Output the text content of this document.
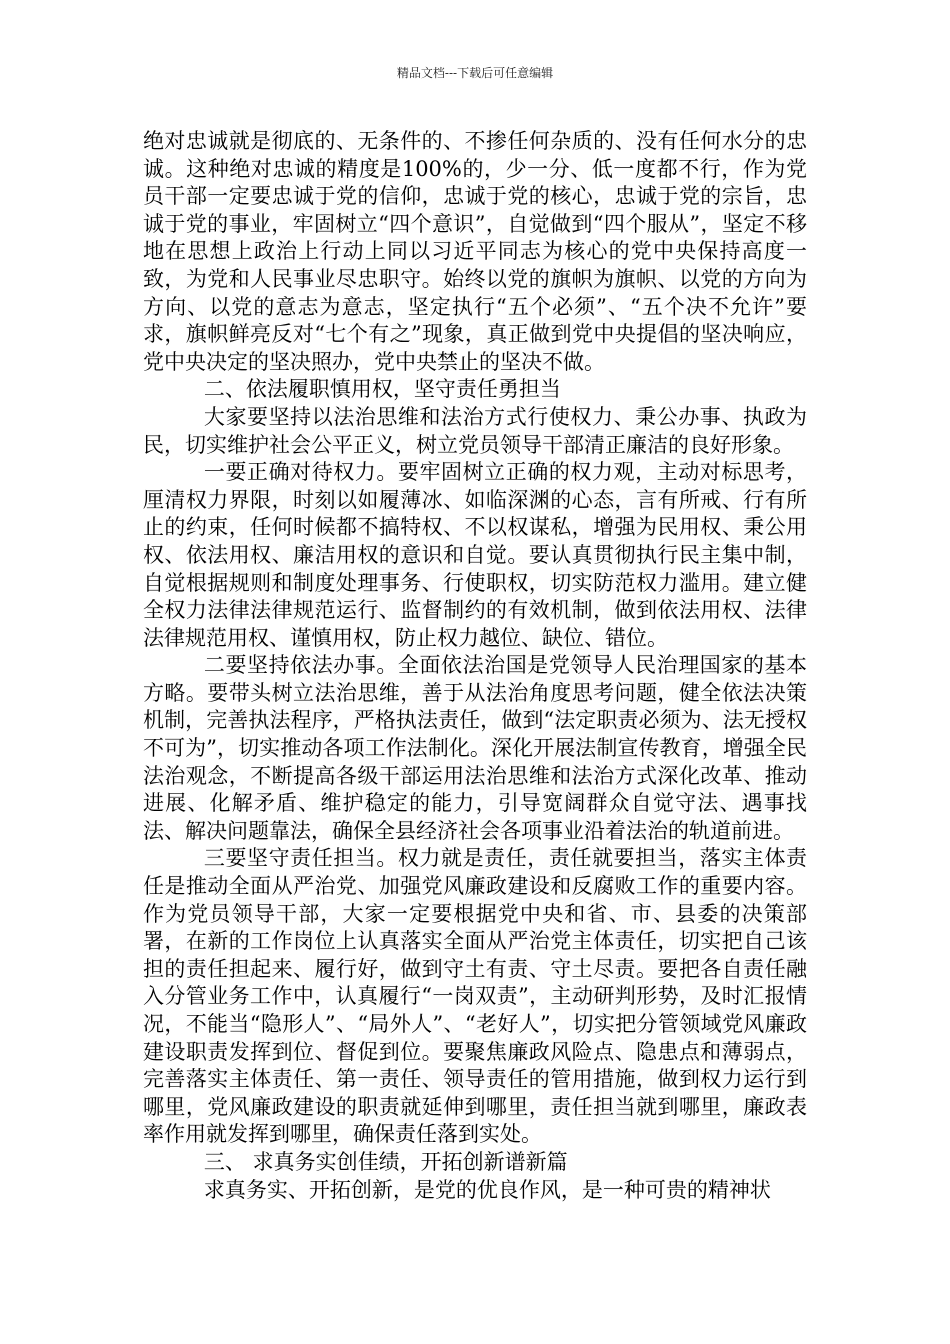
精品文档---下载后可任意编辑

绝对忠诚就是彻底的、无条件的、不掺任何杂质的、没有任何水分的忠诚。这种绝对忠诚的精度是100%的，少一分、低一度都不行，作为党员干部一定要忠诚于党的信仰，忠诚于党的核心，忠诚于党的宗旨，忠诚于党的事业，牢固树立“四个意识”，自觉做到“四个服从”，坚定不移地在思想上政治上行动上同以习近平同志为核心的党中央保持高度一致，为党和人民事业尽忠职守。始终以党的旗帜为旗帜、以党的方向为方向、以党的意志为意志，坚定执行“五个必须”、“五个决不允许”要求，旗帜鲜亮反对“七个有之”现象，真正做到党中央提倡的坚决响应，党中央决定的坚决照办，党中央禁止的坚决不做。

二、依法履职慎用权，坚守责任勇担当

大家要坚持以法治思维和法治方式行使权力、秉公办事、执政为民，切实维护社会公平正义，树立党员领导干部清正廉洁的良好形象。

一要正确对待权力。要牢固树立正确的权力观，主动对标思考，厘清权力界限，时刻以如履薄冰、如临深渊的心态，言有所戒、行有所止的约束，任何时候都不搞特权、不以权谋私，增强为民用权、秉公用权、依法用权、廉洁用权的意识和自觉。要认真贯彻执行民主集中制，自觉根据规则和制度处理事务、行使职权，切实防范权力滥用。建立健全权力法律法律规范运行、监督制约的有效机制，做到依法用权、法律法律规范用权、谨慎用权，防止权力越位、缺位、错位。

二要坚持依法办事。全面依法治国是党领导人民治理国家的基本方略。要带头树立法治思维，善于从法治角度思考问题，健全依法决策机制，完善执法程序，严格执法责任，做到“法定职责必须为、法无授权不可为”，切实推动各项工作法制化。深化开展法制宣传教育，增强全民法治观念，不断提高各级干部运用法治思维和法治方式深化改革、推动进展、化解矛盾、维护稳定的能力，引导宽阔群众自觉守法、遇事找法、解决问题靠法，确保全县经济社会各项事业沿着法治的轨道前进。

三要坚守责任担当。权力就是责任，责任就要担当，落实主体责任是推动全面从严治党、加强党风廉政建设和反腐败工作的重要内容。作为党员领导干部，大家一定要根据党中央和省、市、县委的决策部署，在新的工作岗位上认真落实全面从严治党主体责任，切实把自己该担的责任担起来、履行好，做到守土有责、守土尽责。要把各自责任融入分管业务工作中，认真履行“一岗双责”，主动研判形势，及时汇报情况，不能当“隐形人”、“局外人”、“老好人”，切实把分管领域党风廉政建设职责发挥到位、督促到位。要聚焦廉政风险点、隐患点和薄弱点，完善落实主体责任、第一责任、领导责任的管用措施，做到权力运行到哪里，党风廉政建设的职责就延伸到哪里，责任担当就到哪里，廉政表率作用就发挥到哪里，确保责任落到实处。

三、 求真务实创佳绩，开拓创新谱新篇

求真务实、开拓创新，是党的优良作风，是一种可贵的精神状
